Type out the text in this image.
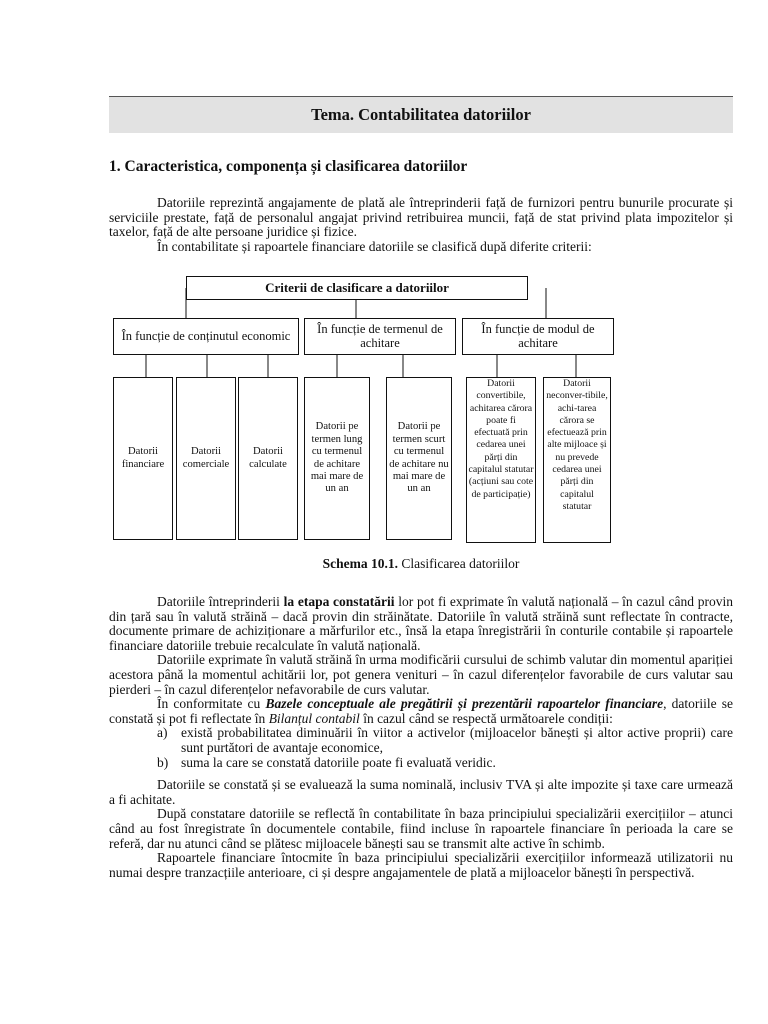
Tema. Contabilitatea datoriilor
1. Caracteristica, componența și clasificarea datoriilor

Datoriile reprezintă angajamente de plată ale întreprinderii față de furnizori pentru bunurile procurate și serviciile prestate, față de personalul angajat privind retribuirea muncii, față de stat privind plata impozitelor și taxelor, față de alte persoane juridice și fizice.

În contabilitate și rapoartele financiare datoriile se clasifică după diferite criterii:

Criterii de clasificare a datoriilor
În funcție de conținutul economic	În funcție de termenul de achitare
În funcție de modul de achitare
Datorii financiare
Datorii comerciale
Datorii calculate
Datorii pe termen lung cu termenul de achitare mai mare de un an
Datorii pe termen scurt cu termenul de achitare nu mai mare de un an
Datorii convertibile, achitarea cărora poate fi efectuată prin cedarea unei părți din capitalul statutar (acțiuni sau cote de participație)
Datorii neconver-tibile, achi-tarea cărora se efectuează prin alte mijloace și nu prevede cedarea unei părți din capitalul statutar
Schema 10.1. Clasificarea datoriilor

Datoriile întreprinderii la etapa constatării lor pot fi exprimate în valută națională – în cazul când provin din țară sau în valută străină – dacă provin din străinătate. Datoriile în valută străină sunt reflectate în contracte, documente primare de achiziționare a mărfurilor etc., însă la etapa înregistrării în conturile contabile și rapoartele financiare datoriile trebuie recalculate în valută națională.

Datoriile exprimate în valută străină în urma modificării cursului de schimb valutar din momentul apariției acestora până la momentul achitării lor, pot genera venituri – în cazul diferențelor favorabile de curs valutar sau pierderi – în cazul diferențelor nefavorabile de curs valutar.

În conformitate cu Bazele conceptuale ale pregătirii și prezentării rapoartelor financiare, datoriile se constată și pot fi reflectate în Bilanțul contabil în cazul când se respectă următoarele condiții:

a)	există probabilitatea diminuării în viitor a activelor (mijloacelor bănești și altor active proprii) care sunt purtători de avantaje economice,
b) suma la care se constată datoriile poate fi evaluată veridic.

Datoriile se constată și se evaluează la suma nominală, inclusiv TVA și alte impozite și taxe care urmează a fi achitate.

După constatare datoriile se reflectă în contabilitate în baza principiului specializării exercițiilor – atunci când au fost înregistrate în documentele contabile, fiind incluse în rapoartele financiare în perioada la care se referă, dar nu atunci când se plătesc mijloacele bănești sau se transmit alte active în schimb.

Rapoartele financiare întocmite în baza principiului specializării exercițiilor informează utilizatorii nu numai despre tranzacțiile anterioare, ci și despre angajamentele de plată a mijloacelor bănești în perspectivă.
